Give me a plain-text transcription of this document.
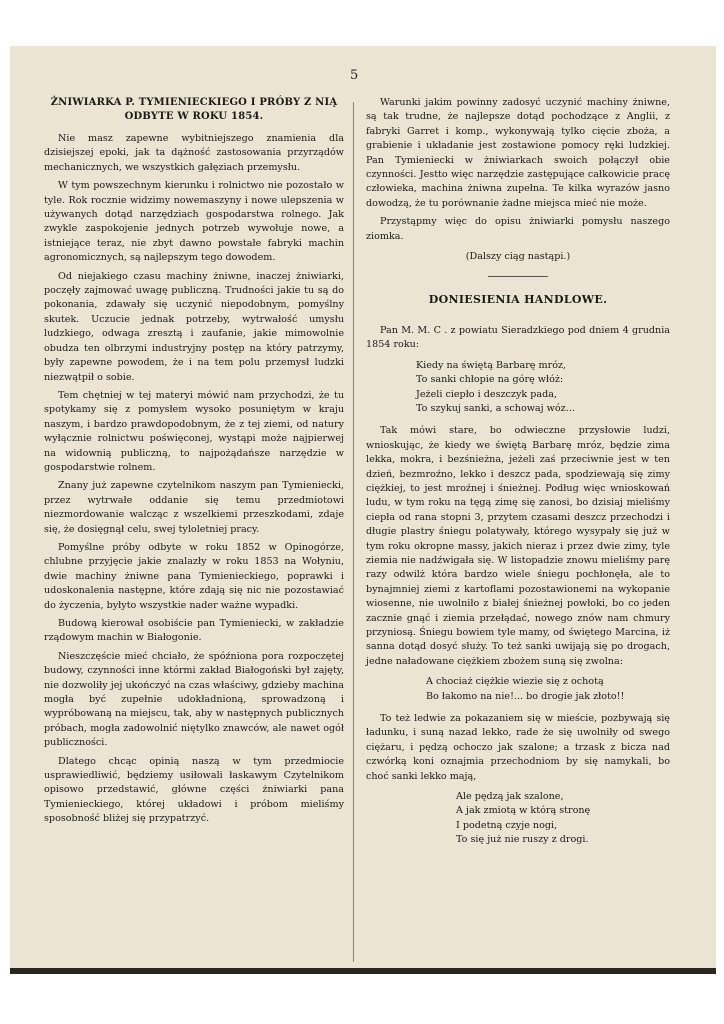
5
ŻNIWIARKA P. TYMIENIECKIEGO I PRÓBY Z NIĄ ODBYTE W ROKU 1854.

Nie masz zapewne wybitniejszego znamienia dla dzisiejszej epoki, jak ta dążność zastosowania przyrządów mechanicznych, we wszystkich gałęziach przemysłu.

W tym powszechnym kierunku i rolnictwo nie pozostało w tyle. Rok rocznie widzimy nowemaszyny i nowe ulepszenia w używanych dotąd narzędziach gospodarstwa rolnego. Jak zwykle zaspokojenie jednych potrzeb wywołuje nowe, a istniejące teraz, nie zbyt dawno powstałe fabryki machin agronomicznych, są najlepszym tego dowodem.

Od niejakiego czasu machiny żniwne, inaczej żniwiarki, poczęły zajmować uwagę publiczną. Trudności jakie tu są do pokonania, zdawały się uczynić niepodobnym, pomyślny skutek. Uczucie jednak potrzeby, wytrwałość umysłu ludzkiego, odwaga zresztą i zaufanie, jakie mimowolnie obudza ten olbrzymi industryjny postęp na który patrzymy, były zapewne powodem, że i na tem polu przemysł ludzki niezwątpił o sobie.

Tem chętniej w tej materyi mówić nam przychodzi, że tu spotykamy się z pomysłem wysoko posuniętym w kraju naszym, i bardzo prawdopodobnym, że z tej ziemi, od natury wyłącznie rolnictwu poświęconej, wystąpi może najpierwej na widownią publiczną, to najpożądańsze narzędzie w gospodarstwie rolnem.

Znany już zapewne czytelnikom naszym pan Tymieniecki, przez wytrwałe oddanie się temu przedmiotowi niezmordowanie walcząc z wszelkiemi przeszkodami, zdaje się, że dosięgnął celu, swej tyloletniej pracy.

Pomyślne próby odbyte w roku 1852 w Opinogórze, chlubne przyjęcie jakie znalazły w roku 1853 na Wołyniu, dwie machiny żniwne pana Tymienieckiego, poprawki i udoskonalenia następne, które zdają się nic nie pozostawiać do życzenia, byłyto wszystkie nader ważne wypadki.

Budową kierował osobiście pan Tymieniecki, w zakładzie rządowym machin w Białogonie.

Nieszczęście mieć chciało, że spóźniona pora rozpoczętej budowy, czynności inne którmi zakład Białogoński był zajęty, nie dozwoliły jej ukończyć na czas właściwy, gdzieby machina mogła być zupełnie udokładnioną, sprowadzoną i wypróbowaną na miejscu, tak, aby w następnych publicznych próbach, mogła zadowolnić niętylko znawców, ale nawet ogół publiczności.

Dlatego chcąc opinią naszą w tym przedmiocie usprawiedliwić, będziemy usiłowali łaskawym Czytelnikom opisowo przedstawić, główne części żniwiarki pana Tymienieckiego, której układowi i próbom mieliśmy sposobność bliżej się przypatrzyć.

Warunki jakim powinny zadosyć uczynić machiny żniwne, są tak trudne, że najlepsze dotąd pochodzące z Anglii, z fabryki Garret i komp., wykonywają tylko cięcie zboża, a grabienie i układanie jest zostawione pomocy ręki ludzkiej. Pan Tymieniecki w żniwiarkach swoich połączył obie czynności. Jestto więc narzędzie zastępujące całkowicie pracę człowieka, machina żniwna zupełna. Te kilka wyrazów jasno dowodzą, że tu porównanie żadne miejsca mieć nie może.

Przystąpmy więc do opisu żniwiarki pomysłu naszego ziomka.

(Dalszy ciąg nastąpi.)

DONIESIENIA HANDLOWE.

Pan M. M. C . z powiatu Sieradzkiego pod dniem 4 grudnia 1854 roku:

Kiedy na świętą Barbarę mróz,
To sanki chłopie na górę włóż:
Jeżeli ciepło i deszczyk pada,
To szykuj sanki, a schowaj wóz...

Tak mówi stare, bo odwieczne przysłowie ludzi, wnioskując, że kiedy we świętą Barbarę mróz, będzie zima lekka, mokra, i bezśnieżna, jeżeli zaś przeciwnie jest w ten dzień, bezmroźno, lekko i deszcz pada, spodziewają się zimy ciężkiej, to jest mroźnej i śnieżnej. Podług więc wnioskowań ludu, w tym roku na tęgą zimę się zanosi, bo dzisiaj mieliśmy ciepła od rana stopni 3, przytem czasami deszcz przechodzi i długie plastry śniegu polatywały, którego wysypały się już w tym roku okropne massy, jakich nieraz i przez dwie zimy, tyle ziemia nie nadźwigała się. W listopadzie znowu mieliśmy parę razy odwilż która bardzo wiele śniegu pochłonęła, ale to bynajmniej ziemi z kartoflami pozostawionemi na wykopanie wiosenne, nie uwolniło z białej śnieżnej powłoki, bo co jeden zacznie gnąć i ziemia przełądać, nowego znów nam chmury przyniosą. Śniegu bowiem tyle mamy, od świętego Marcina, iż sanna dotąd dosyć służy. To też sanki uwijają się po drogach, jedne naładowane ciężkiem zbożem suną się zwolna:

A chociaż ciężkie wiezie się z ochotą
Bo łakomo na nie!... bo drogie jak złoto!!

To też ledwie za pokazaniem się w mieście, pozbywają się ładunku, i suną nazad lekko, rade że się uwolniły od swego ciężaru, i pędzą ochoczo jak szalone; a trzask z bicza nad czwórką koni oznajmia przechodniom by się namykali, bo choć sanki lekko mają,

Ale pędzą jak szalone,
A jak zmiotą w którą stronę
I podetną czyje nogi,
To się już nie ruszy z drogi.
